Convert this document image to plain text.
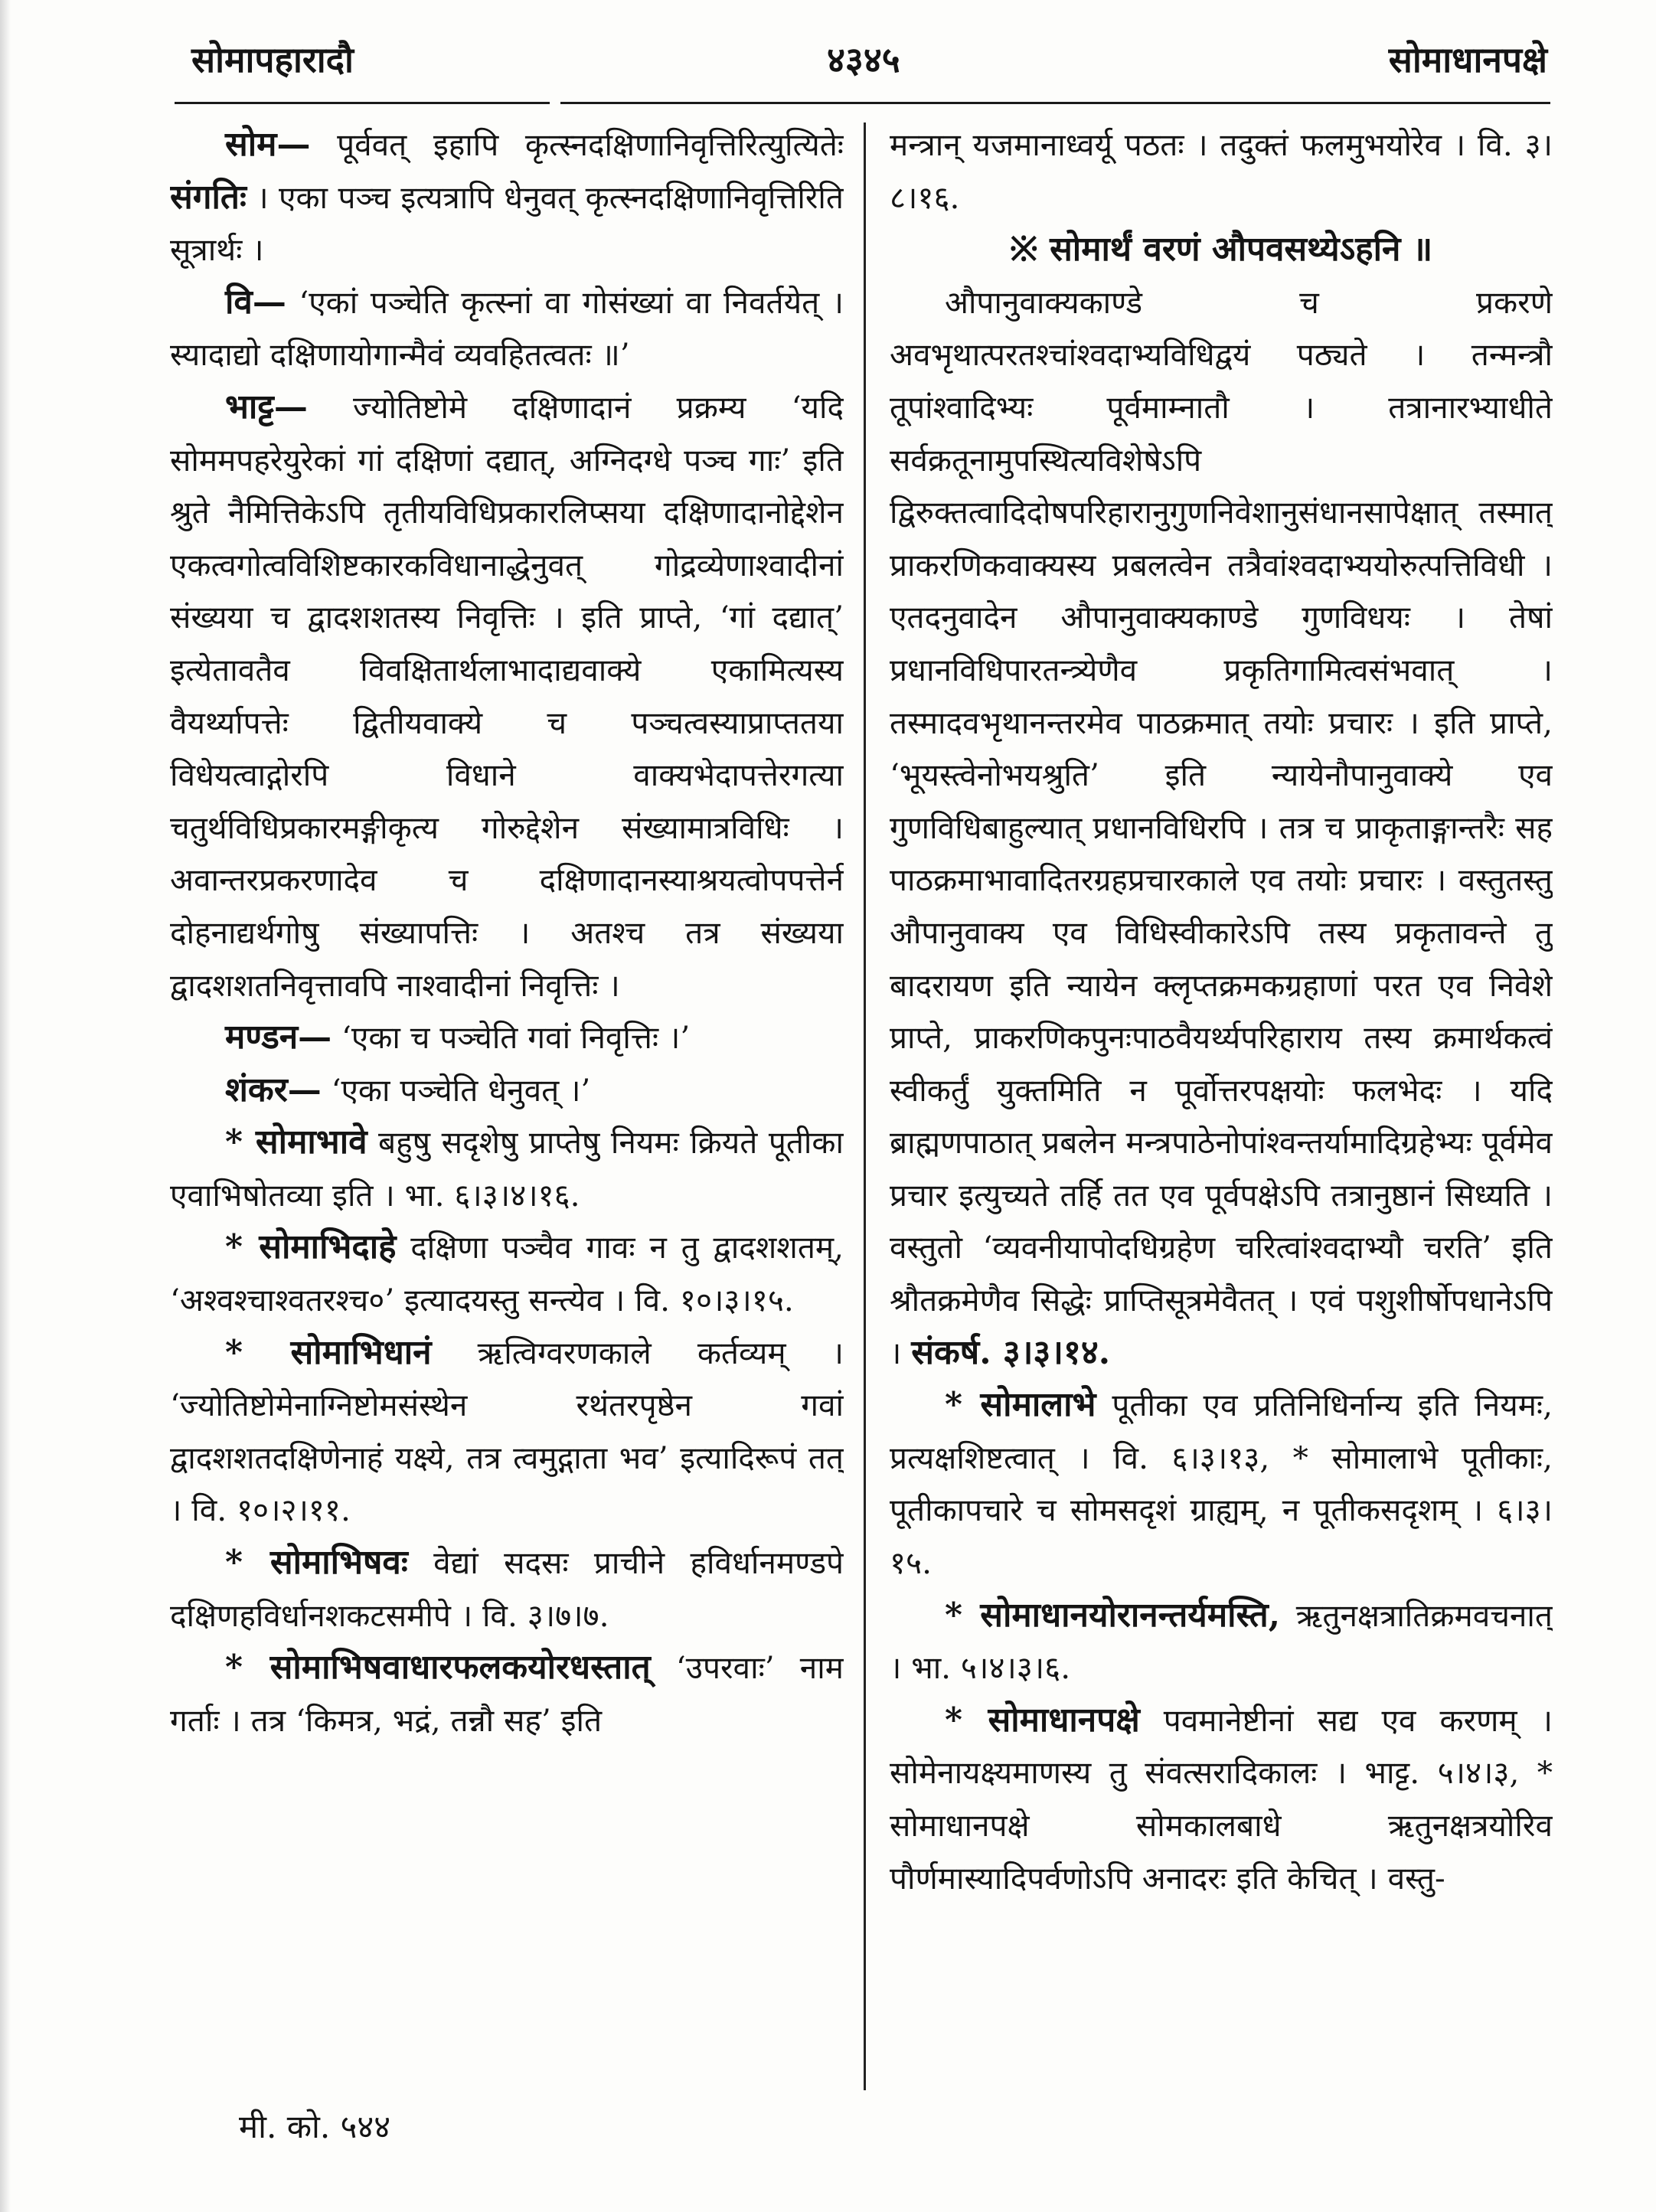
सोमापहारादौ	४३४५	सोमाधानपक्षे

सोम— पूर्ववत् इहापि कृत्स्नदक्षिणानिवृत्तिरित्युत्यितेः संगतिः । एका पञ्च इत्यत्रापि धेनुवत् कृत्स्नदक्षिणानिवृत्तिरिति सूत्रार्थः ।

वि— ‘एकां पञ्चेति कृत्स्नां वा गोसंख्यां वा निवर्तयेत् । स्यादाद्यो दक्षिणायोगान्मैवं व्यवहितत्वतः ॥’

भाट्ट— ज्योतिष्टोमे दक्षिणादानं प्रक्रम्य ‘यदि सोममपहरेयुरेकां गां दक्षिणां दद्यात्, अग्निदग्धे पञ्च गाः’ इति श्रुते नैमित्तिकेऽपि तृतीयविधिप्रकारलिप्सया दक्षिणादानोद्देशेन एकत्वगोत्वविशिष्टकारकविधानाद्धेनुवत् गोद्रव्येणाश्वादीनां संख्यया च द्वादशशतस्य निवृत्तिः । इति प्राप्ते, ‘गां दद्यात्’ इत्येतावतैव विवक्षितार्थलाभादाद्यवाक्ये एकामित्यस्य वैयर्थ्यापत्तेः द्वितीयवाक्ये च पञ्चत्वस्याप्राप्ततया विधेयत्वाद्गोरपि विधाने वाक्यभेदापत्तेरगत्या चतुर्थविधिप्रकारमङ्गीकृत्य गोरुद्देशेन संख्यामात्रविधिः । अवान्तरप्रकरणादेव च दक्षिणादानस्याश्रयत्वोपपत्तेर्न दोहनाद्यर्थगोषु संख्यापत्तिः । अतश्च तत्र संख्यया द्वादशशतनिवृत्तावपि नाश्वादीनां निवृत्तिः ।

मण्डन— ‘एका च पञ्चेति गवां निवृत्तिः ।’

शंकर— ‘एका पञ्चेति धेनुवत् ।’

* सोमाभावे बहुषु सदृशेषु प्राप्तेषु नियमः क्रियते पूतीका एवाभिषोतव्या इति । भा. ६।३।४।१६.

* सोमाभिदाहे दक्षिणा पञ्चैव गावः न तु द्वादशशतम्, ‘अश्वश्चाश्वतरश्च०’ इत्यादयस्तु सन्त्येव । वि. १०।३।१५.

* सोमाभिधानं ऋत्विग्वरणकाले कर्तव्यम् । ‘ज्योतिष्टोमेनाग्निष्टोमसंस्थेन रथंतरपृष्ठेन गवां द्वादशशतदक्षिणेनाहं यक्ष्ये, तत्र त्वमुद्गाता भव’ इत्यादिरूपं तत् । वि. १०।२।११.

* सोमाभिषवः वेद्यां सदसः प्राचीने हविर्धानमण्डपे दक्षिणहविर्धानशकटसमीपे । वि. ३।७।७.

* सोमाभिषवाधारफलकयोरधस्तात् ‘उपरवाः’ नाम गर्ताः । तत्र ‘किमत्र, भद्रं, तन्नौ सह’ इति

मन्त्रान् यजमानाध्वर्यू पठतः । तदुक्तं फलमुभयोरेव । वि. ३।८।१६.

※ सोमार्थं वरणं औपवसथ्येऽहनि ॥

औपानुवाक्यकाण्डे च प्रकरणे अवभृथात्परतश्चांश्वदाभ्यविधिद्वयं पठ्यते । तन्मन्त्रौ तूपांश्वादिभ्यः पूर्वमाम्नातौ । तत्रानारभ्याधीते सर्वक्रतूनामुपस्थित्यविशेषेऽपि द्विरुक्तत्वादिदोषपरिहारानुगुणनिवेशानुसंधानसापेक्षात् तस्मात् प्राकरणिकवाक्यस्य प्रबलत्वेन तत्रैवांश्वदाभ्ययोरुत्पत्तिविधी । एतदनुवादेन औपानुवाक्यकाण्डे गुणविधयः । तेषां प्रधानविधिपारतन्त्र्येणैव प्रकृतिगामित्वसंभवात् । तस्मादवभृथानन्तरमेव पाठक्रमात् तयोः प्रचारः । इति प्राप्ते, ‘भूयस्त्वेनोभयश्रुति’ इति न्यायेनौपानुवाक्ये एव गुणविधिबाहुल्यात् प्रधानविधिरपि । तत्र च प्राकृताङ्गान्तरैः सह पाठक्रमाभावादितरग्रहप्रचारकाले एव तयोः प्रचारः । वस्तुतस्तु औपानुवाक्य एव विधिस्वीकारेऽपि तस्य प्रकृतावन्ते तु बादरायण इति न्यायेन क्लृप्तक्रमकग्रहाणां परत एव निवेशे प्राप्ते, प्राकरणिकपुनःपाठवैयर्थ्यपरिहाराय तस्य क्रमार्थकत्वं स्वीकर्तुं युक्तमिति न पूर्वोत्तरपक्षयोः फलभेदः । यदि ब्राह्मणपाठात् प्रबलेन मन्त्रपाठेनोपांश्वन्तर्यामादिग्रहेभ्यः पूर्वमेव प्रचार इत्युच्यते तर्हि तत एव पूर्वपक्षेऽपि तत्रानुष्ठानं सिध्यति । वस्तुतो ‘व्यवनीयापोदधिग्रहेण चरित्वांश्वदाभ्यौ चरति’ इति श्रौतक्रमेणैव सिद्धेः प्राप्तिसूत्रमेवैतत् । एवं पशुशीर्षोपधानेऽपि । संकर्ष. ३।३।१४.

* सोमालाभे पूतीका एव प्रतिनिधिर्नान्य इति नियमः, प्रत्यक्षशिष्टत्वात् । वि. ६।३।१३, * सोमालाभे पूतीकाः, पूतीकापचारे च सोमसदृशं ग्राह्यम्, न पूतीकसदृशम् । ६।३।१५.

* सोमाधानयोरानन्तर्यमस्ति, ऋतुनक्षत्रातिक्रमवचनात् । भा. ५।४।३।६.

* सोमाधानपक्षे पवमानेष्टीनां सद्य एव करणम् । सोमेनायक्ष्यमाणस्य तु संवत्सरादिकालः । भाट्ट. ५।४।३, * सोमाधानपक्षे सोमकालबाधे ऋतुनक्षत्रयोरिव पौर्णमास्यादिपर्वणोऽपि अनादरः इति केचित् । वस्तु-

मी. को. ५४४
